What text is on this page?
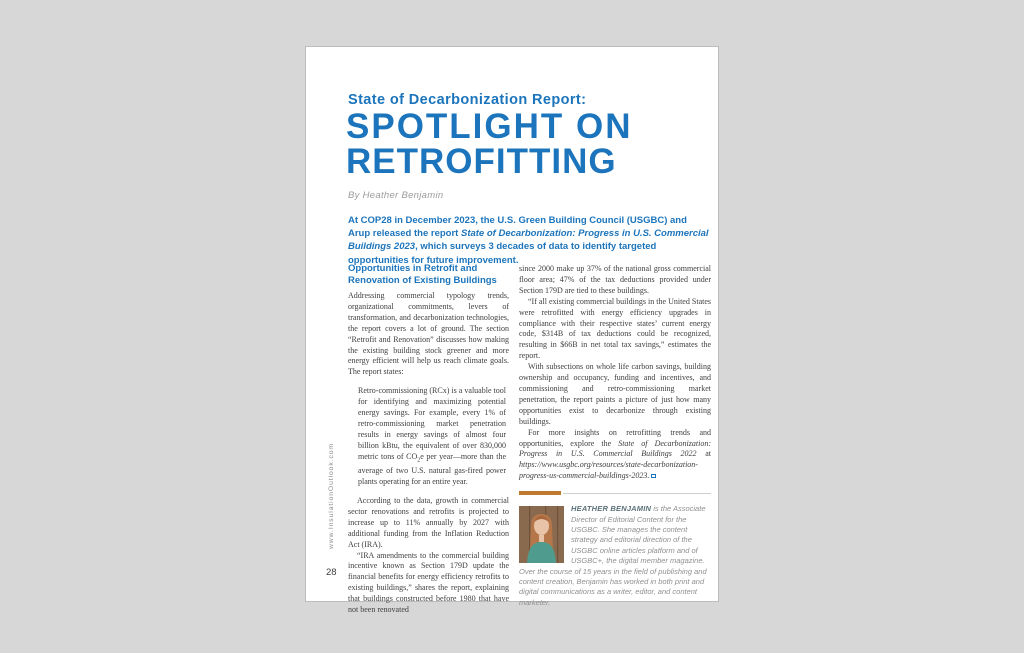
State of Decarbonization Report:
SPOTLIGHT ON
RETROFITTING
By Heather Benjamin
At COP28 in December 2023, the U.S. Green Building Council (USGBC) and Arup released the report State of Decarbonization: Progress in U.S. Commercial Buildings 2023, which surveys 3 decades of data to identify targeted opportunities for future improvement.
Opportunities in Retrofit and Renovation of Existing Buildings
Addressing commercial typology trends, organizational commitments, levers of transformation, and decarbonization technologies, the report covers a lot of ground. The section “Retrofit and Renovation” discusses how making the existing building stock greener and more energy efficient will help us reach climate goals. The report states:
Retro-commissioning (RCx) is a valuable tool for identifying and maximizing potential energy savings. For example, every 1% of retro-commissioning market penetration results in energy savings of almost four billion kBtu, the equivalent of over 830,000 metric tons of $CO_2e$ per year—more than the average of two U.S. natural gas-fired power plants operating for an entire year.
According to the data, growth in commercial sector renovations and retrofits is projected to increase up to 11% annually by 2027 with additional funding from the Inflation Reduction Act (IRA).
“IRA amendments to the commercial building incentive known as Section 179D update the financial benefits for energy efficiency retrofits to existing buildings,” shares the report, explaining that buildings constructed before 1980 that have not been renovated
since 2000 make up 37% of the national gross commercial floor area; 47% of the tax deductions provided under Section 179D are tied to these buildings.
“If all existing commercial buildings in the United States were retrofitted with energy efficiency upgrades in compliance with their respective states’ current energy code, $314B of tax deductions could be recognized, resulting in $66B in net total tax savings,” estimates the report.
With subsections on whole life carbon savings, building ownership and occupancy, funding and incentives, and commissioning and retro-commissioning market penetration, the report paints a picture of just how many opportunities exist to decarbonize through existing buildings.
For more insights on retrofitting trends and opportunities, explore the State of Decarbonization: Progress in U.S. Commercial Buildings 2022 at https://www.usgbc.org/resources/state-decarbonization-progress-us-commercial-buildings-2023.
HEATHER BENJAMIN is the Associate Director of Editorial Content for the USGBC. She manages the content strategy and editorial direction of the USGBC online articles platform and of USGBC+, the digital member magazine. Over the course of 15 years in the field of publishing and content creation, Benjamin has worked in both print and digital communications as a writer, editor, and content marketer.
www.InsulationOutlook.com
28
